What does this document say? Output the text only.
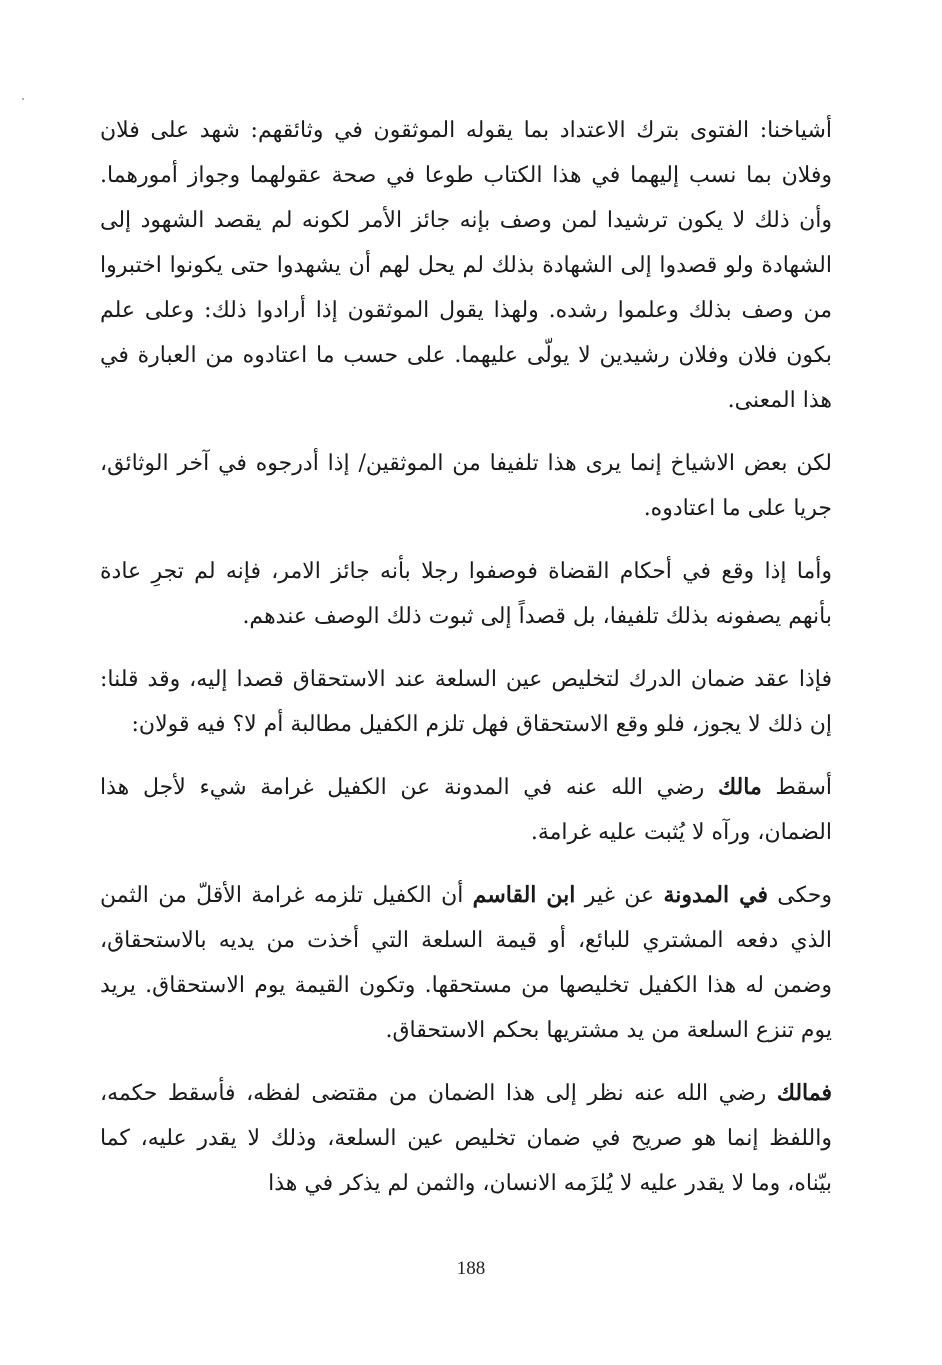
أشياخنا: الفتوى بترك الاعتداد بما يقوله الموثقون في وثائقهم: شهد على فلان وفلان بما نسب إليهما في هذا الكتاب طوعا في صحة عقولهما وجواز أمورهما. وأن ذلك لا يكون ترشيدا لمن وصف بإنه جائز الأمر لكونه لم يقصد الشهود إلى الشهادة ولو قصدوا إلى الشهادة بذلك لم يحل لهم أن يشهدوا حتى يكونوا اختبروا من وصف بذلك وعلموا رشده. ولهذا يقول الموثقون إذا أرادوا ذلك: وعلى علم بكون فلان وفلان رشيدين لا يولّى عليهما. على حسب ما اعتادوه من العبارة في هذا المعنى.

لكن بعض الاشياخ إنما يرى هذا تلفيفا من الموثقين/ إذا أدرجوه في آخر الوثائق، جريا على ما اعتادوه.

وأما إذا وقع في أحكام القضاة فوصفوا رجلا بأنه جائز الامر، فإنه لم تجرِ عادة بأنهم يصفونه بذلك تلفيفا، بل قصداً إلى ثبوت ذلك الوصف عندهم.

فإذا عقد ضمان الدرك لتخليص عين السلعة عند الاستحقاق قصدا إليه، وقد قلنا: إن ذلك لا يجوز، فلو وقع الاستحقاق فهل تلزم الكفيل مطالبة أم لا؟ فيه قولان:

أسقط مالك رضي الله عنه في المدونة عن الكفيل غرامة شيء لأجل هذا الضمان، ورآه لا يُثبت عليه غرامة.

وحكى في المدونة عن غير ابن القاسم أن الكفيل تلزمه غرامة الأقلّ من الثمن الذي دفعه المشتري للبائع، أو قيمة السلعة التي أخذت من يديه بالاستحقاق، وضمن له هذا الكفيل تخليصها من مستحقها. وتكون القيمة يوم الاستحقاق. يريد يوم تنزع السلعة من يد مشتريها بحكم الاستحقاق.

فمالك رضي الله عنه نظر إلى هذا الضمان من مقتضى لفظه، فأسقط حكمه، واللفظ إنما هو صريح في ضمان تخليص عين السلعة، وذلك لا يقدر عليه، كما بيّناه، وما لا يقدر عليه لا يُلزَمه الانسان، والثمن لم يذكر في هذا

188
